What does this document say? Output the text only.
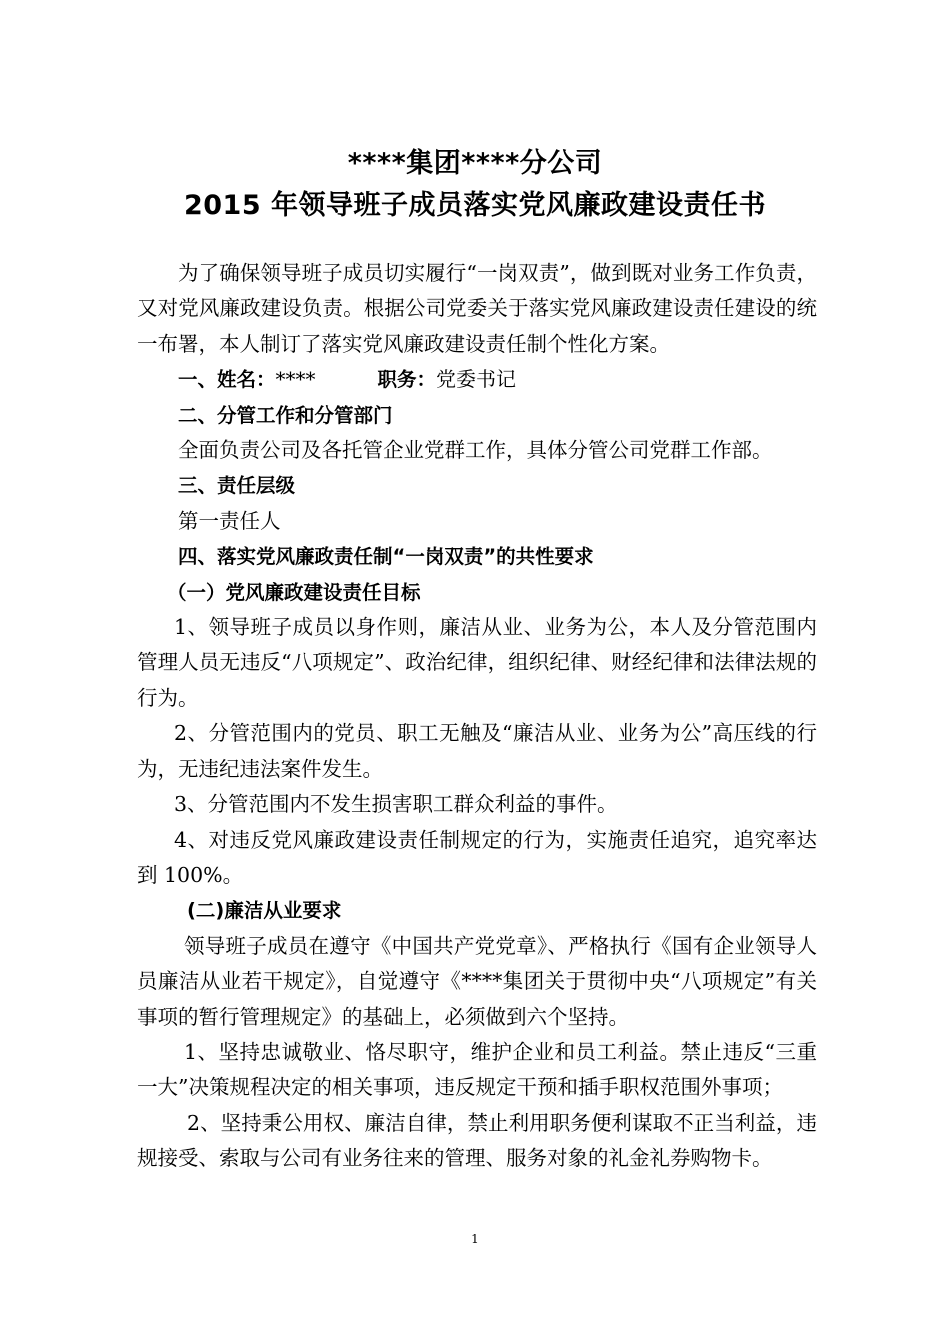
****集团****分公司
2015 年领导班子成员落实党风廉政建设责任书

为了确保领导班子成员切实履行“一岗双责”，做到既对业务工作负责，又对党风廉政建设负责。根据公司党委关于落实党风廉政建设责任建设的统一布署，本人制订了落实党风廉政建设责任制个性化方案。

一、姓名：****	职务：党委书记

二、分管工作和分管部门

全面负责公司及各托管企业党群工作，具体分管公司党群工作部。

三、责任层级

第一责任人

四、落实党风廉政责任制“一岗双责”的共性要求

（一）党风廉政建设责任目标

1、领导班子成员以身作则，廉洁从业、业务为公，本人及分管范围内管理人员无违反“八项规定”、政治纪律，组织纪律、财经纪律和法律法规的行为。

2、分管范围内的党员、职工无触及“廉洁从业、业务为公”高压线的行为，无违纪违法案件发生。

3、分管范围内不发生损害职工群众利益的事件。

4、对违反党风廉政建设责任制规定的行为，实施责任追究，追究率达到 100%。

(二)廉洁从业要求

领导班子成员在遵守《中国共产党党章》、严格执行《国有企业领导人员廉洁从业若干规定》，自觉遵守《****集团关于贯彻中央“八项规定”有关事项的暂行管理规定》的基础上，必须做到六个坚持。

1、坚持忠诚敬业、恪尽职守，维护企业和员工利益。禁止违反“三重一大”决策规程决定的相关事项，违反规定干预和插手职权范围外事项；

2、坚持秉公用权、廉洁自律，禁止利用职务便利谋取不正当利益，违规接受、索取与公司有业务往来的管理、服务对象的礼金礼券购物卡。

1
